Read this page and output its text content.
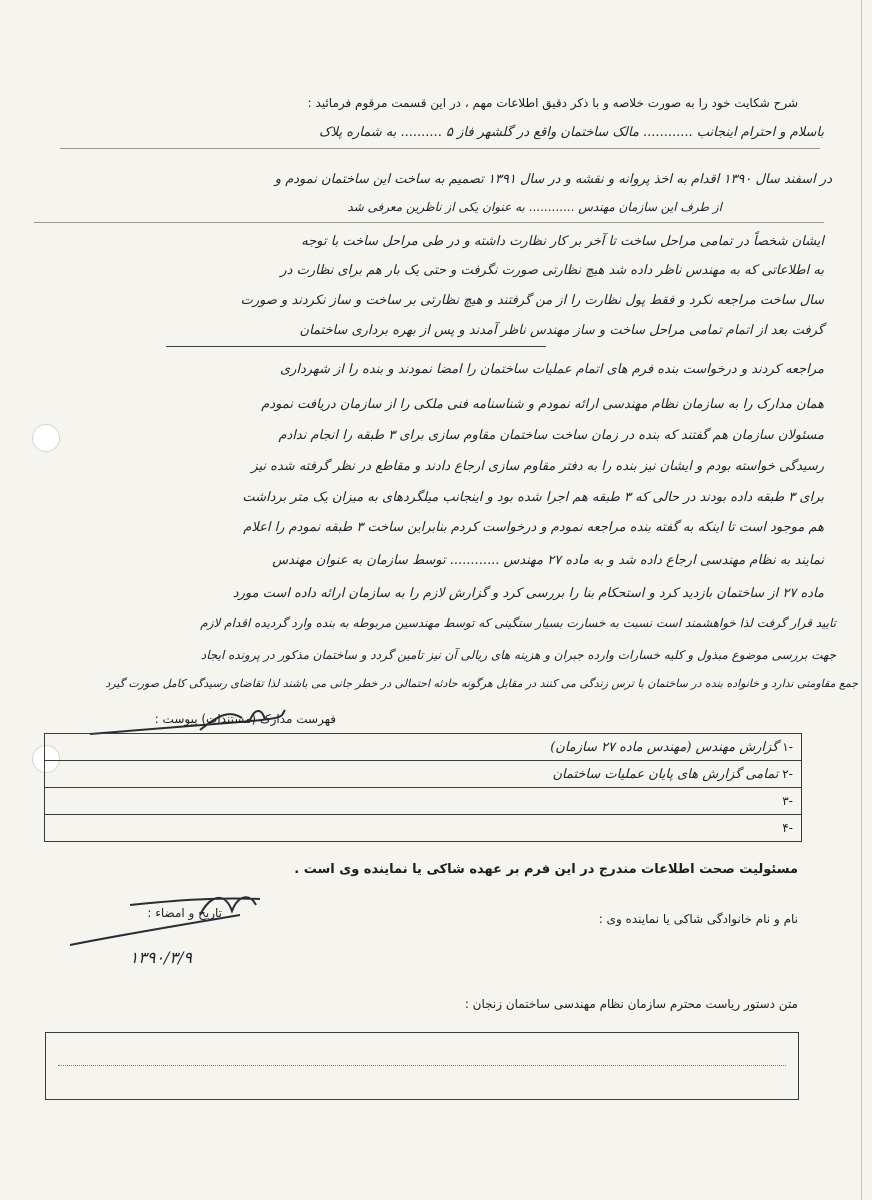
شرح شکایت خود را به صورت خلاصه و با ذکر دقیق اطلاعات مهم ، در این قسمت مرقوم فرمائید :
باسلام و احترام اینجانب ............ مالک ساختمان واقع در گلشهر فاز ۵ .......... به شماره پلاک
در اسفند سال ۱۳۹۰ اقدام به اخذ پروانه و نقشه و در سال ۱۳۹۱ تصمیم به ساخت این ساختمان نمودم و
از طرف این سازمان مهندس ............ به عنوان یکی از ناظرین معرفی شد
ایشان شخصاً در تمامی مراحل ساخت تا آخر بر کار نظارت داشته و در طی مراحل ساخت با توجه
به اطلاعاتی که به مهندس ناظر داده شد هیچ نظارتی صورت نگرفت و حتی یک بار هم برای نظارت در
سال ساخت مراجعه نکرد و فقط پول نظارت را از من گرفتند و هیچ نظارتی بر ساخت و ساز نکردند و صورت
گرفت بعد از اتمام تمامی مراحل ساخت و ساز مهندس ناظر آمدند و پس از بهره برداری ساختمان
مراجعه کردند و درخواست بنده فرم های اتمام عملیات ساختمان را امضا نمودند و بنده را از شهرداری
همان مدارک را به سازمان نظام مهندسی ارائه نمودم و شناسنامه فنی ملکی را از سازمان دریافت نمودم
مسئولان سازمان هم گفتند که بنده در زمان ساخت ساختمان مقاوم سازی برای ۳ طبقه را انجام ندادم
رسیدگی خواسته بودم و ایشان نیز بنده را به دفتر مقاوم سازی ارجاع دادند و مقاطع در نظر گرفته شده نیز
برای ۳ طبقه داده بودند در حالی که ۳ طبقه هم اجرا شده بود و اینجانب میلگردهای به میزان یک متر برداشت
هم موجود است تا اینکه به گفته بنده مراجعه نمودم و درخواست کردم بنابراین ساخت ۳ طبقه نمودم را اعلام
نمایند به نظام مهندسی ارجاع داده شد و به ماده ۲۷ مهندس ............ توسط سازمان به عنوان مهندس
ماده ۲۷ از ساختمان بازدید کرد و استحکام بنا را بررسی کرد و گزارش لازم را به سازمان ارائه داده است مورد
تایید قرار گرفت لذا خواهشمند است نسبت به خسارت بسیار سنگینی که توسط مهندسین مربوطه به بنده وارد گردیده اقدام لازم
جهت بررسی موضوع مبذول و کلیه خسارات وارده جبران و هزینه های ریالی آن نیز تامین گردد و ساختمان مذکور در پرونده ایجاد
جمع مقاومتی ندارد و خانواده بنده در ساختمان با ترس زندگی می کنند در مقابل هرگونه حادثه احتمالی در خطر جانی می باشند لذا تقاضای رسیدگی کامل صورت گیرد
فهرست مدارک (مستندات) پیوست :
-۱ گزارش مهندس (مهندس ماده ۲۷ سازمان)
-۲ تمامی گزارش های پایان عملیات ساختمان
-۳
-۴
مسئولیت صحت اطلاعات مندرج در این فرم بر عهده شاکی یا نماینده وی است .
نام و نام خانوادگی شاکی یا نماینده وی :
تاریخ و امضاء :
۱۳۹۰/۳/۹
متن دستور ریاست محترم سازمان نظام مهندسی ساختمان زنجان :
